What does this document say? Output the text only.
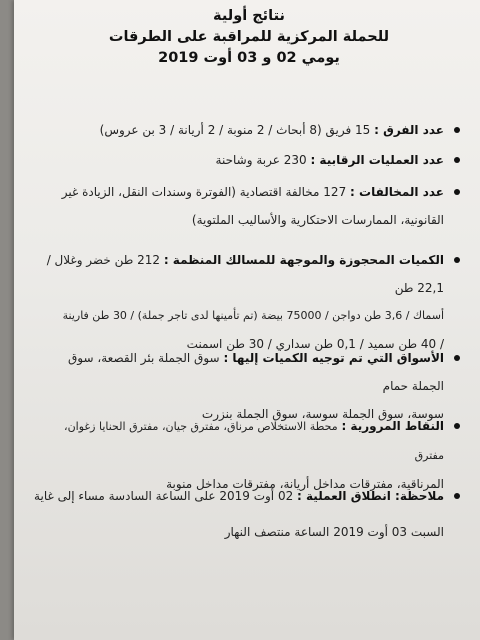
نتائج أولية
للحملة المركزية للمراقبة على الطرقات
يومي 02 و 03 أوت 2019

عدد الفرق : 15 فريق (8 أبحاث / 2 منوبة / 2 أريانة / 3 بن عروس)

عدد العمليات الرقابية : 230 عربة وشاحنة

عدد المخالفات : 127 مخالفة اقتصادية (الفوترة وسندات النقل، الزيادة غير

القانونية، الممارسات الاحتكارية والأساليب الملتوية)

الكميات المحجوزة والموجهة للمسالك المنظمة : 212 طن خضر وغلال / 22,1 طن

أسماك / 3,6 طن دواجن / 75000 بيضة (تم تأمينها لدى تاجر جملة) / 30 طن فارينة

/ 40 طن سميد / 0,1 طن سداري / 30 طن اسمنت

الأسواق التي تم توجيه الكميات إليها : سوق الجملة بئر القصعة، سوق الجملة حمام

سوسة، سوق الجملة سوسة، سوق الجملة بنزرت

النقاط المرورية : محطة الاستخلاص مرناق، مفترق جيان، مفترق الحنايا زغوان، مفترق

المرناقية، مفترقات مداخل أريانة، مفترقات مداخل منوبة

ملاحظة: انطلاق العملية : 02 أوت 2019 على الساعة السادسة مساء إلى غاية

السبت 03 أوت 2019 الساعة منتصف النهار
